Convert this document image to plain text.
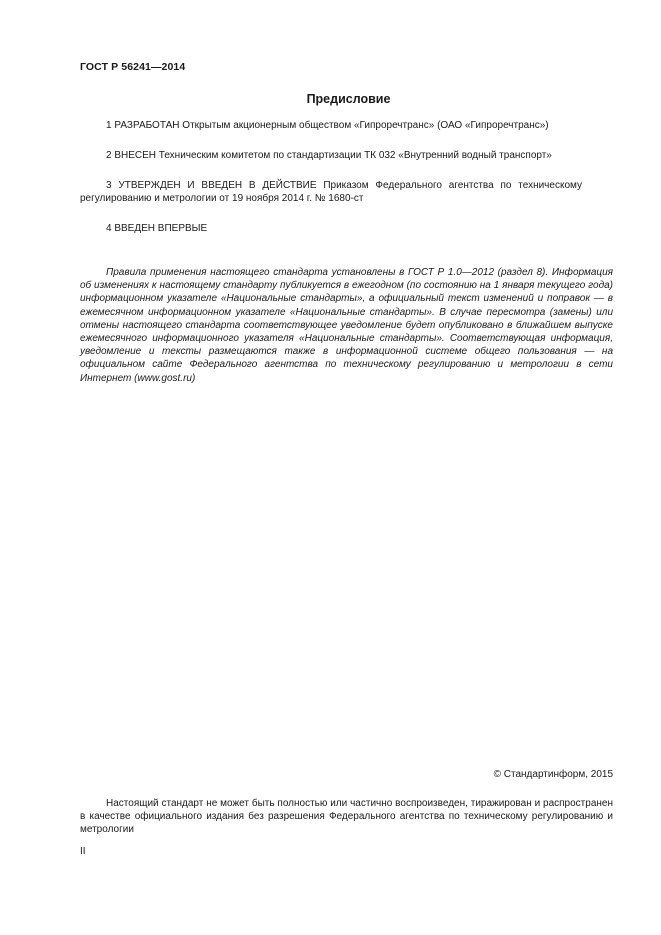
ГОСТ Р 56241—2014
Предисловие

1 РАЗРАБОТАН Открытым акционерным обществом «Гипроречтранс» (ОАО «Гипроречтранс»)

2 ВНЕСЕН Техническим комитетом по стандартизации ТК 032 «Внутренний водный транспорт»

3 УТВЕРЖДЕН И ВВЕДЕН В ДЕЙСТВИЕ Приказом Федерального агентства по техническому регулированию и метрологии от 19 ноября 2014 г. № 1680-ст

4 ВВЕДЕН ВПЕРВЫЕ

Правила применения настоящего стандарта установлены в ГОСТ Р 1.0—2012 (раздел 8). Информация об изменениях к настоящему стандарту публикуется в ежегодном (по состоянию на 1 января текущего года) информационном указателе «Национальные стандарты», а официальный текст изменений и поправок — в ежемесячном информационном указателе «Национальные стандарты». В случае пересмотра (замены) или отмены настоящего стандарта соответствующее уведомление будет опубликовано в ближайшем выпуске ежемесячного информационного указателя «Национальные стандарты». Соответствующая информация, уведомление и тексты размещаются также в информационной системе общего пользования — на официальном сайте Федерального агентства по техническому регулированию и метрологии в сети Интернет (www.gost.ru)

© Стандартинформ, 2015

Настоящий стандарт не может быть полностью или частично воспроизведен, тиражирован и распространен в качестве официального издания без разрешения Федерального агентства по техническому регулированию и метрологии

II
